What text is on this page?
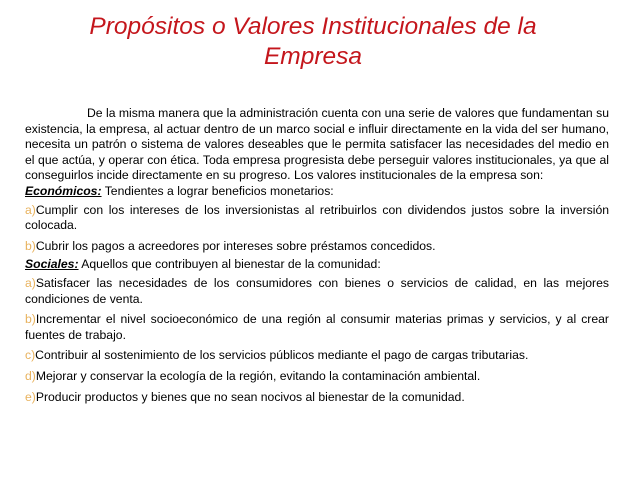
Propósitos o Valores Institucionales de la
Empresa

De la misma manera que la administración cuenta con una serie de valores que fundamentan su existencia, la empresa, al actuar dentro de un marco social e influir directamente en la vida del ser humano, necesita un patrón o sistema de valores deseables que le permita satisfacer las necesidades del medio en el que actúa, y operar con ética. Toda empresa progresista debe perseguir valores institucionales, ya que al conseguirlos incide directamente en su progreso. Los valores institucionales de la empresa son:

Económicos: Tendientes a lograr beneficios monetarios:

a)Cumplir con los intereses de los inversionistas al retribuirlos con dividendos justos sobre la inversión colocada.

b)Cubrir los pagos a acreedores por intereses sobre préstamos concedidos.

Sociales: Aquellos que contribuyen al bienestar de la comunidad:

a)Satisfacer las necesidades de los consumidores con bienes o servicios de calidad, en las mejores condiciones de venta.

b)Incrementar el nivel socioeconómico de una región al consumir materias primas y servicios, y al crear fuentes de trabajo.

c)Contribuir al sostenimiento de los servicios públicos mediante el pago de cargas tributarias.

d)Mejorar y conservar la ecología de la región, evitando la contaminación ambiental.

e)Producir productos y bienes que no sean nocivos al bienestar de la comunidad.
